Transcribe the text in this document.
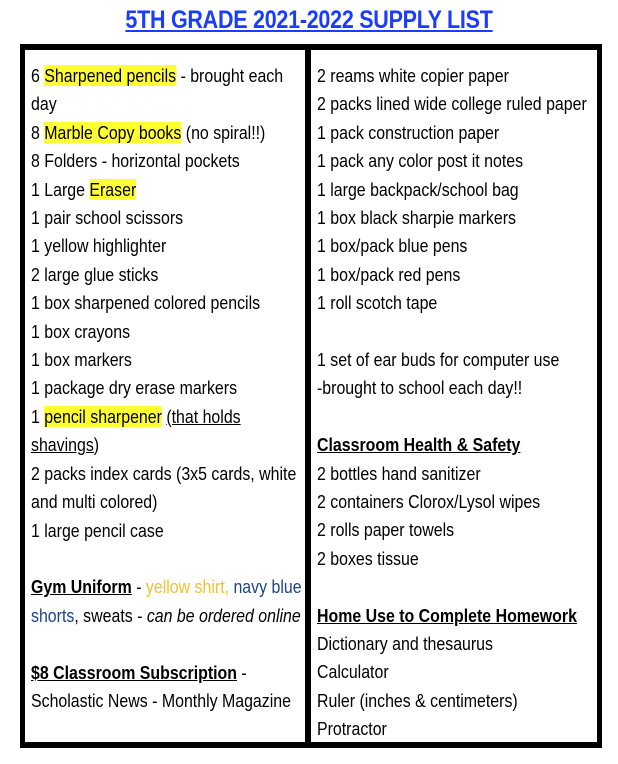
5TH GRADE 2021-2022 SUPPLY LIST
6 Sharpened pencils - brought each day
8 Marble Copy books (no spiral!!)
8 Folders - horizontal pockets
1 Large Eraser
1 pair school scissors
1 yellow highlighter
2 large glue sticks
1 box sharpened colored pencils
1 box crayons
1 box markers
1 package dry erase markers
1 pencil sharpener (that holds shavings)
2 packs index cards (3x5 cards, white and multi colored)
1 large pencil case
Gym Uniform - yellow shirt, navy blue shorts, sweats - can be ordered online
$8 Classroom Subscription -
Scholastic News - Monthly Magazine
2 reams white copier paper
2 packs lined wide college ruled paper
1 pack construction paper
1 pack any color post it notes
1 large backpack/school bag
1 box black sharpie markers
1 box/pack blue pens
1 box/pack red pens
1 roll scotch tape
1 set of ear buds for computer use
-brought to school each day!!
Classroom Health & Safety
2 bottles hand sanitizer
2 containers Clorox/Lysol wipes
2 rolls paper towels
2 boxes tissue
Home Use to Complete Homework
Dictionary and thesaurus
Calculator
Ruler (inches & centimeters)
Protractor
